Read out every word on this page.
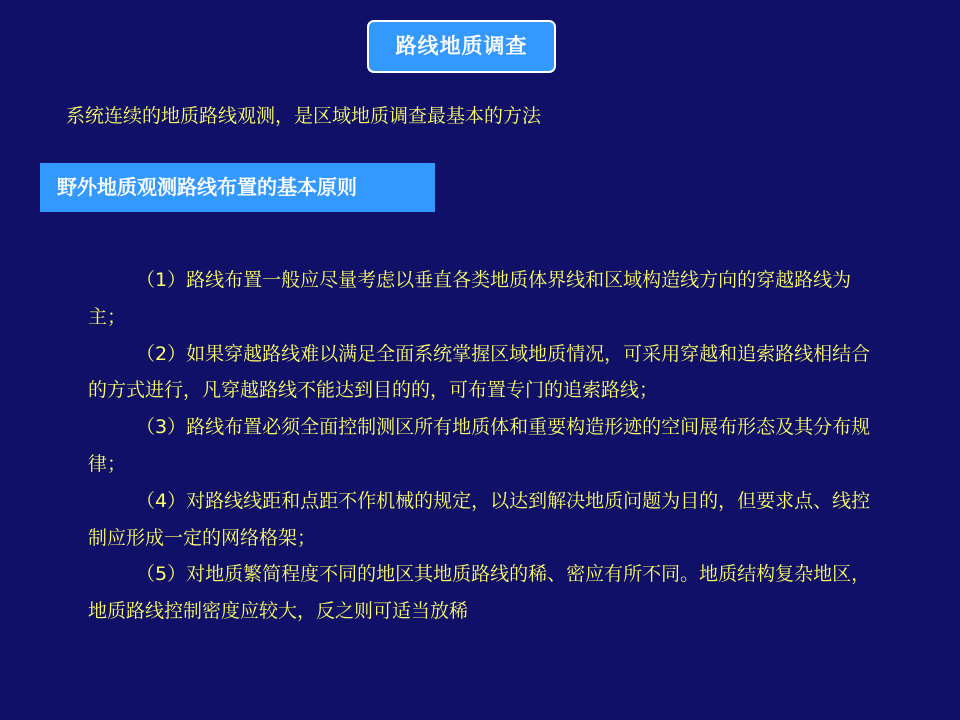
路线地质调查
系统连续的地质路线观测，是区域地质调查最基本的方法
野外地质观测路线布置的基本原则

（1）路线布置一般应尽量考虑以垂直各类地质体界线和区域构造线方向的穿越路线为主；

（2）如果穿越路线难以满足全面系统掌握区域地质情况，可采用穿越和追索路线相结合的方式进行，凡穿越路线不能达到目的的，可布置专门的追索路线；

（3）路线布置必须全面控制测区所有地质体和重要构造形迹的空间展布形态及其分布规律；

（4）对路线线距和点距不作机械的规定，以达到解决地质问题为目的，但要求点、线控制应形成一定的网络格架；

（5）对地质繁简程度不同的地区其地质路线的稀、密应有所不同。地质结构复杂地区，地质路线控制密度应较大，反之则可适当放稀
